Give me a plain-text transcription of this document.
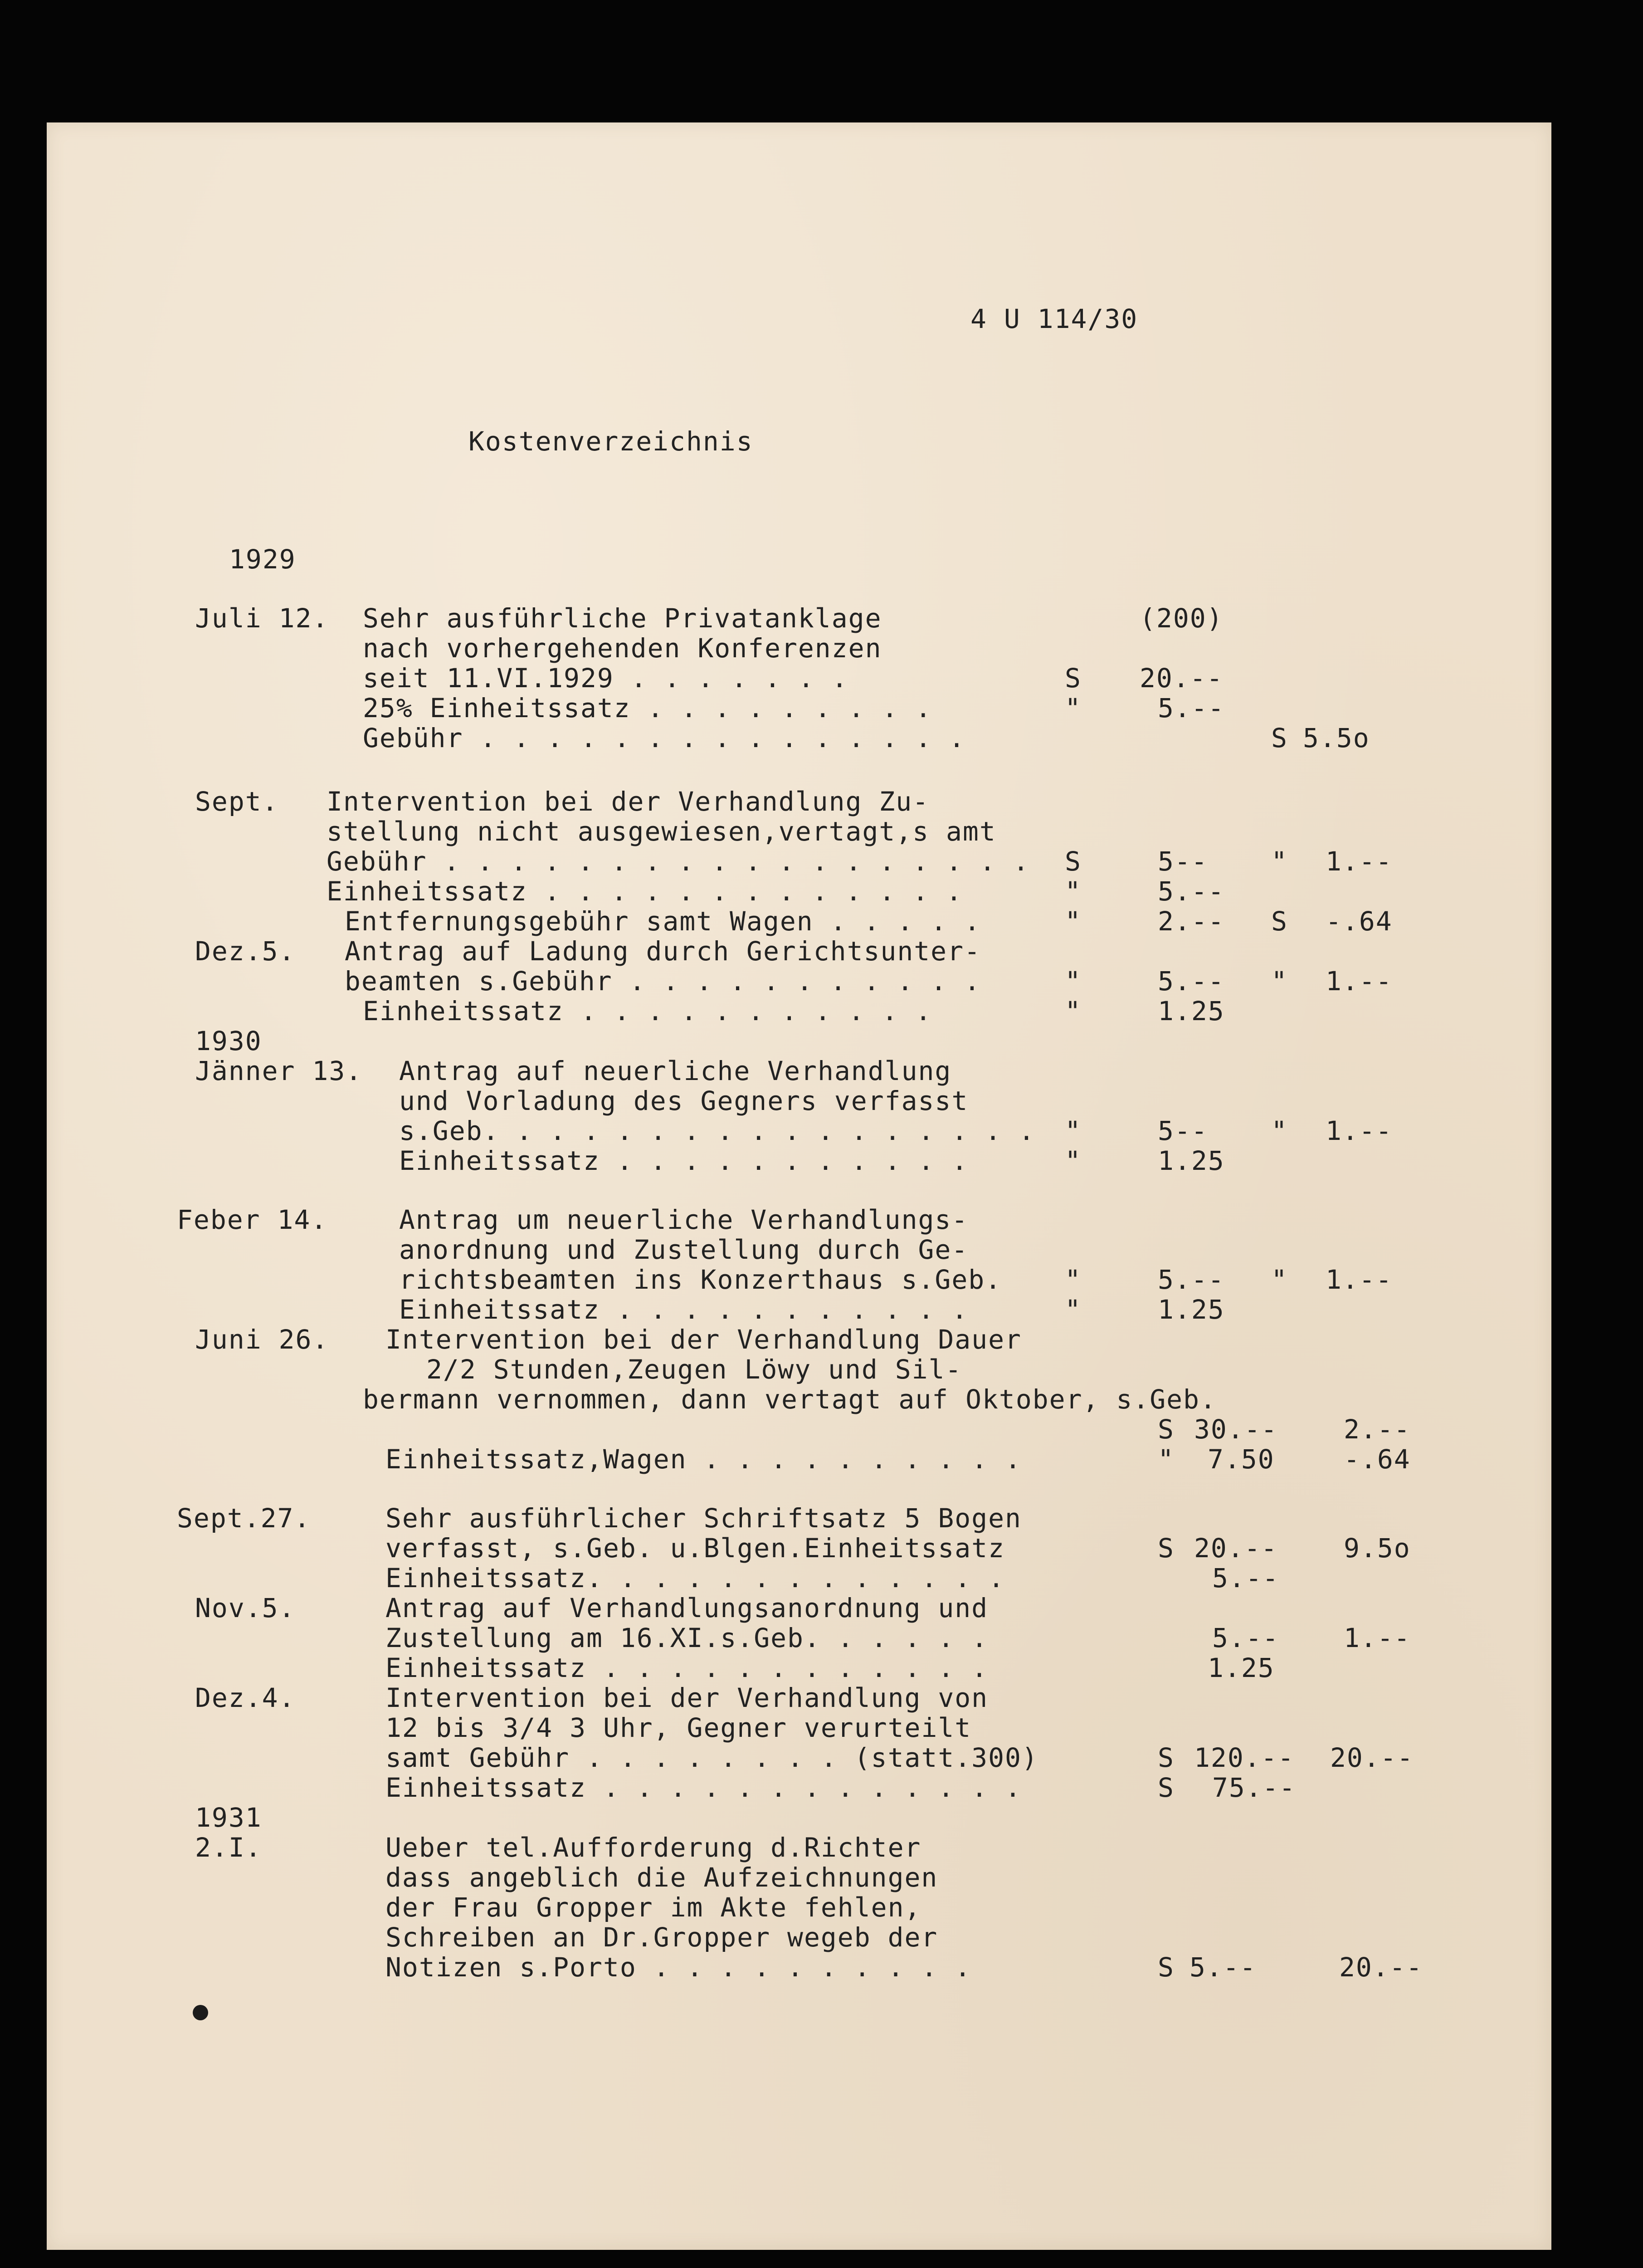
4 U 114/30
Kostenverzeichnis
1929
Juli 12. Sehr ausführliche Privatanklage	(200)
nach vorhergehenden Konferenzen
seit 11.VI.1929 . . . . . . .	S 20.--
25% Einheitssatz . . . . . . . . .	"	5.--
Gebühr . . . . . . . . . . . . . . .	S 5.5o
Sept. Intervention bei der Verhandlung Zu-
stellung nicht ausgewiesen,vertagt,s amt
Gebühr . . . . . . . . . . . . . . . . . . S	5-- " 1.--
Einheitssatz . . . . . . . . . . . . .	"	5.--
Entfernungsgebühr samt Wagen . . . . .	"	2.-- S -.64
Dez.5. Antrag auf Ladung durch Gerichtsunter-
beamten s.Gebühr . . . . . . . . . . .	"	5.-- " 1.--
Einheitssatz . . . . . . . . . . .	"	1.25
1930
Jänner 13. Antrag auf neuerliche Verhandlung
und Vorladung des Gegners verfasst
s.Geb. . . . . . . . . . . . . . . . . "	5-- " 1.--
Einheitssatz . . . . . . . . . . .	"	1.25
Feber 14.	Antrag um neuerliche Verhandlungs-
anordnung und Zustellung durch Ge-
richtsbeamten ins Konzerthaus s.Geb. "	5.-- " 1.--
Einheitssatz . . . . . . . . . . .	"	1.25
Juni 26. Intervention bei der Verhandlung Dauer
2/2 Stunden,Zeugen Löwy und Sil-
bermann vernommen, dann vertagt auf Oktober, s.Geb.
S 30.--	2.--
Einheitssatz,Wagen . . . . . . . . . .	" 7.50	-.64
Sept.27.	Sehr ausführlicher Schriftsatz 5 Bogen
verfasst, s.Geb. u.Blgen.Einheitssatz	S 20.--	9.5o
Einheitssatz. . . . . . . . . . . . .	5.--
Nov.5.	Antrag auf Verhandlungsanordnung und
Zustellung am 16.XI.s.Geb. . . . . .	5.-- 1.--
Einheitssatz . . . . . . . . . . . .	1.25
Dez.4.	Intervention bei der Verhandlung von
12 bis 3/4 3 Uhr, Gegner verurteilt
samt Gebühr . . . . . . . . (statt.300)	S 120.-- 20.--
Einheitssatz . . . . . . . . . . . . .	S 75.--
1931
2.I.	Ueber tel.Aufforderung d.Richter
dass angeblich die Aufzeichnungen
der Frau Gropper im Akte fehlen,
Schreiben an Dr.Gropper wegeb der
Notizen s.Porto . . . . . . . . . .	S 5.--	20.--
